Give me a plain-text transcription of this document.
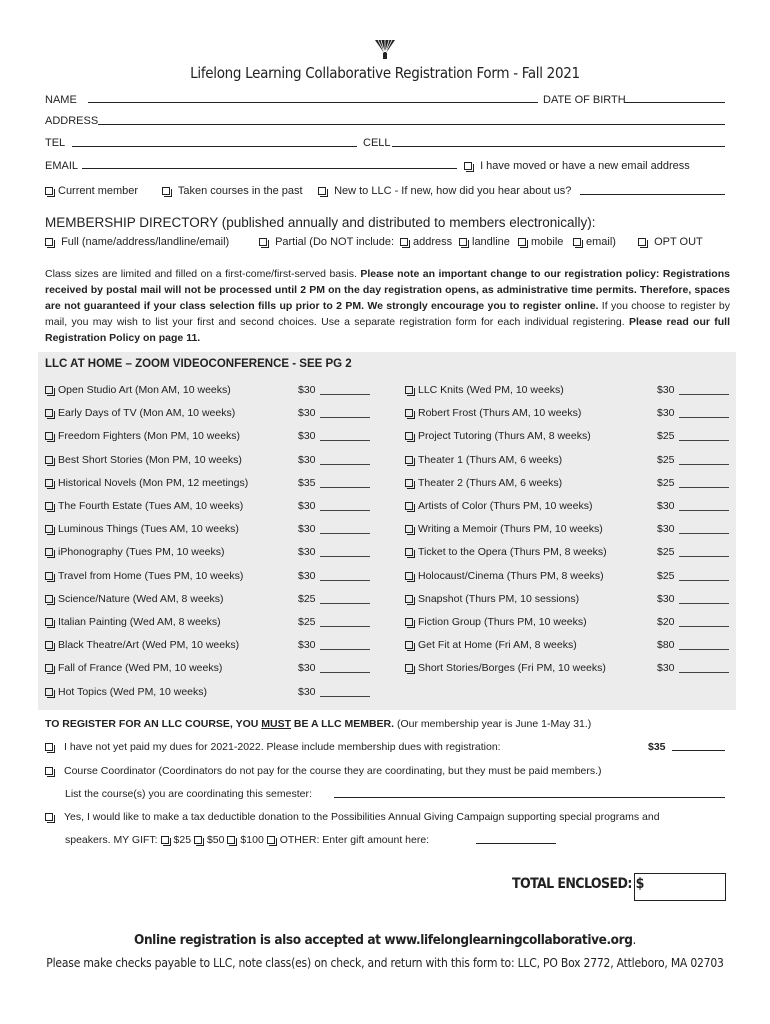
Lifelong Learning Collaborative Registration Form - Fall 2021
NAME	DATE OF BIRTH
ADDRESS
TEL	CELL
EMAIL	I have moved or have a new email address
Current member	Taken courses in the past	New to LLC - If new, how did you hear about us?
MEMBERSHIP DIRECTORY (published annually and distributed to members electronically):
Full (name/address/landline/email)	Partial (Do NOT include:	address	landline	mobile	email)	OPT OUT
Class sizes are limited and filled on a first-come/first-served basis. Please note an important change to our registration policy: Registrations received by postal mail will not be processed until 2 PM on the day registration opens, as administrative time permits. Therefore, spaces are not guaranteed if your class selection fills up prior to 2 PM. We strongly encourage you to register online. If you choose to register by mail, you may wish to list your first and second choices. Use a separate registration form for each individual registering. Please read our full Registration Policy on page 11.
LLC AT HOME – ZOOM VIDEOCONFERENCE - SEE PG 2
Open Studio Art (Mon AM, 10 weeks)	$30
Early Days of TV (Mon AM, 10 weeks)	$30
Freedom Fighters (Mon PM, 10 weeks)	$30
Best Short Stories (Mon PM, 10 weeks)	$30
Historical Novels (Mon PM, 12 meetings)	$35
The Fourth Estate (Tues AM, 10 weeks)	$30
Luminous Things (Tues AM, 10 weeks)	$30
iPhonography (Tues PM, 10 weeks)	$30
Travel from Home (Tues PM, 10 weeks)	$30
Science/Nature (Wed AM, 8 weeks)	$25
Italian Painting (Wed AM, 8 weeks)	$25
Black Theatre/Art (Wed PM, 10 weeks)	$30
Fall of France (Wed PM, 10 weeks)	$30
Hot Topics (Wed PM, 10 weeks)	$30
LLC Knits (Wed PM, 10 weeks)	$30
Robert Frost (Thurs AM, 10 weeks)	$30
Project Tutoring (Thurs AM, 8 weeks)	$25
Theater 1 (Thurs AM, 6 weeks)	$25
Theater 2 (Thurs AM, 6 weeks)	$25
Artists of Color (Thurs PM, 10 weeks)	$30
Writing a Memoir (Thurs PM, 10 weeks)	$30
Ticket to the Opera (Thurs PM, 8 weeks)	$25
Holocaust/Cinema (Thurs PM, 8 weeks)	$25
Snapshot (Thurs PM, 10 sessions)	$30
Fiction Group (Thurs PM, 10 weeks)	$20
Get Fit at Home (Fri AM, 8 weeks)	$80
Short Stories/Borges (Fri PM, 10 weeks)	$30
TO REGISTER FOR AN LLC COURSE, YOU MUST BE A LLC MEMBER. (Our membership year is June 1-May 31.)
I have not yet paid my dues for 2021-2022. Please include membership dues with registration:	$35
Course Coordinator (Coordinators do not pay for the course they are coordinating, but they must be paid members.)
List the course(s) you are coordinating this semester:
Yes, I would like to make a tax deductible donation to the Possibilities Annual Giving Campaign supporting special programs and
speakers. MY GIFT: $25 $50 $100 OTHER: Enter gift amount here:
TOTAL ENCLOSED: $
Online registration is also accepted at www.lifelonglearningcollaborative.org.
Please make checks payable to LLC, note class(es) on check, and return with this form to: LLC, PO Box 2772, Attleboro, MA 02703
